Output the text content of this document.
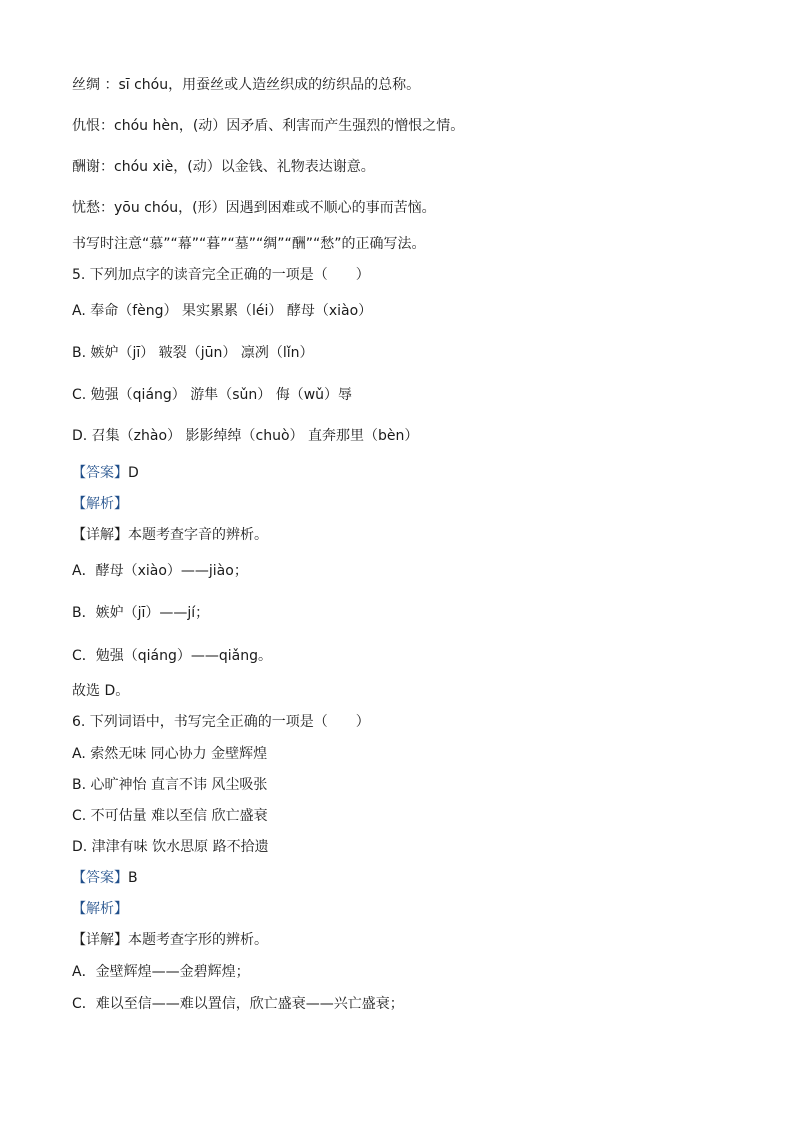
丝绸 ：sī chóu，用蚕丝或人造丝织成的纺织品的总称。

仇恨：chóu hèn，(动）因矛盾、利害而产生强烈的憎恨之情。

酬谢：chóu xiè，(动）以金钱、礼物表达谢意。

忧愁：yōu chóu，(形）因遇到困难或不顺心的事而苦恼。

书写时注意“慕”“幕”“暮”“墓”“绸”“酬”“愁”的正确写法。

5. 下列加点字的读音完全正确的一项是（　　）

A. 奉命（fèng） 果实累累（léi） 酵母（xiào）

B. 嫉妒（jī） 皲裂（jūn） 凛冽（lǐn）

C. 勉强（qiáng） 游隼（sǔn） 侮（wǔ）辱

D. 召集（zhào） 影影绰绰（chuò） 直奔那里（bèn）

【答案】D

【解析】

【详解】本题考查字音的辨析。

A．酵母（xiào）——jiào；

B．嫉妒（jī）——jí；

C．勉强（qiáng）——qiǎng。

故选 D。

6. 下列词语中，书写完全正确的一项是（　　）

A. 索然无味 同心协力 金壁辉煌

B. 心旷神怡 直言不讳 风尘吸张

C. 不可估量 难以至信 欣亡盛衰

D. 津津有味 饮水思原 路不拾遗

【答案】B

【解析】

【详解】本题考查字形的辨析。

A．金壁辉煌——金碧辉煌；

C．难以至信——难以置信，欣亡盛衰——兴亡盛衰；
